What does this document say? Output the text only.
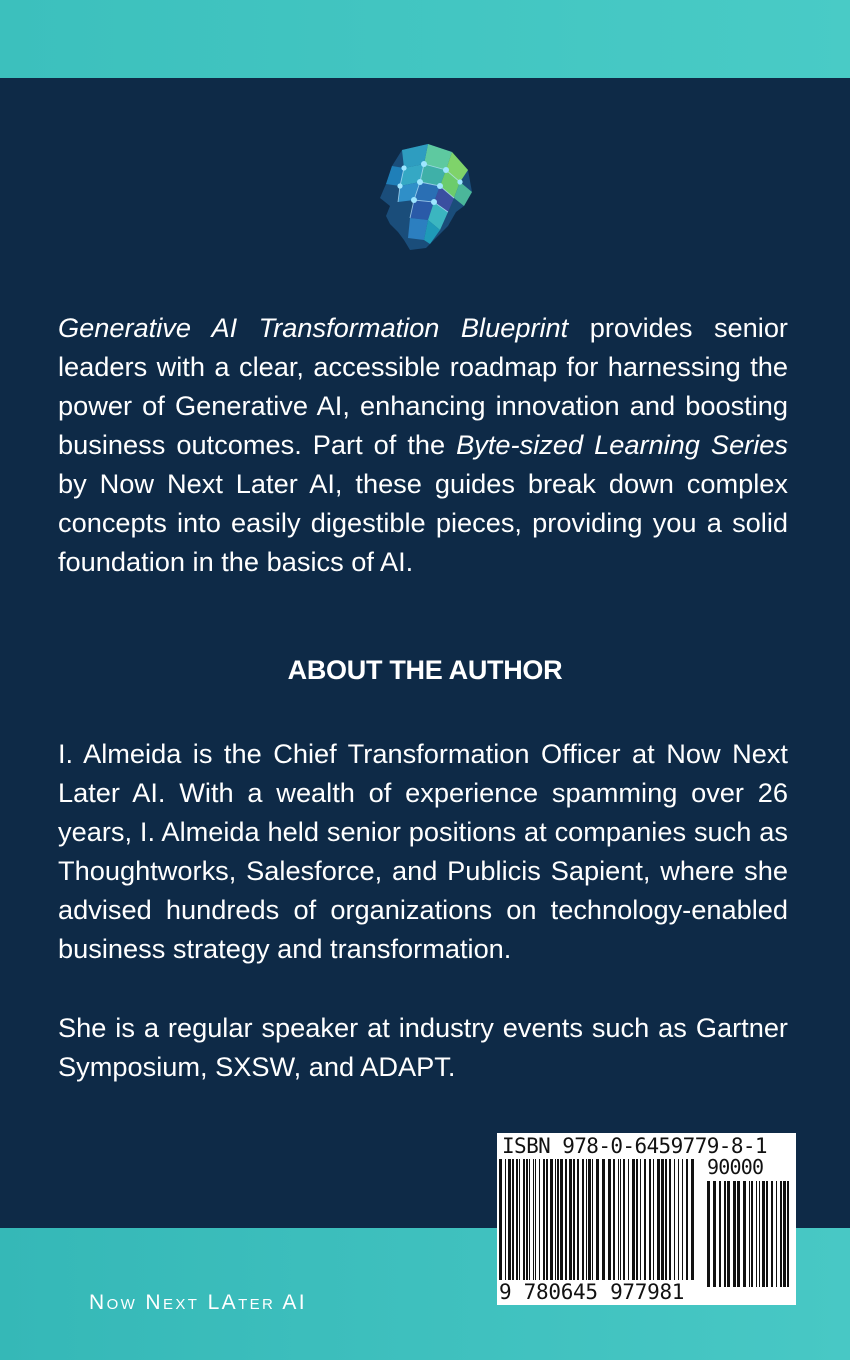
Generative AI Transformation Blueprint provides senior leaders with a clear, accessible roadmap for harnessing the power of Generative AI, enhancing innovation and boosting business outcomes. Part of the Byte-sized Learning Series by Now Next Later AI, these guides break down complex concepts into easily digestible pieces, providing you a solid foundation in the basics of AI.

ABOUT THE AUTHOR

I. Almeida is the Chief Transformation Officer at Now Next Later AI. With a wealth of experience spamming over 26 years, I. Almeida held senior positions at companies such as Thoughtworks, Salesforce, and Publicis Sapient, where she advised hundreds of organizations on technology-enabled business strategy and transformation.

She is a regular speaker at industry events such as Gartner Symposium, SXSW, and ADAPT.

Now Next LAter AI
ISBN 978-0-6459779-8-1
90000
9 780645 977981
